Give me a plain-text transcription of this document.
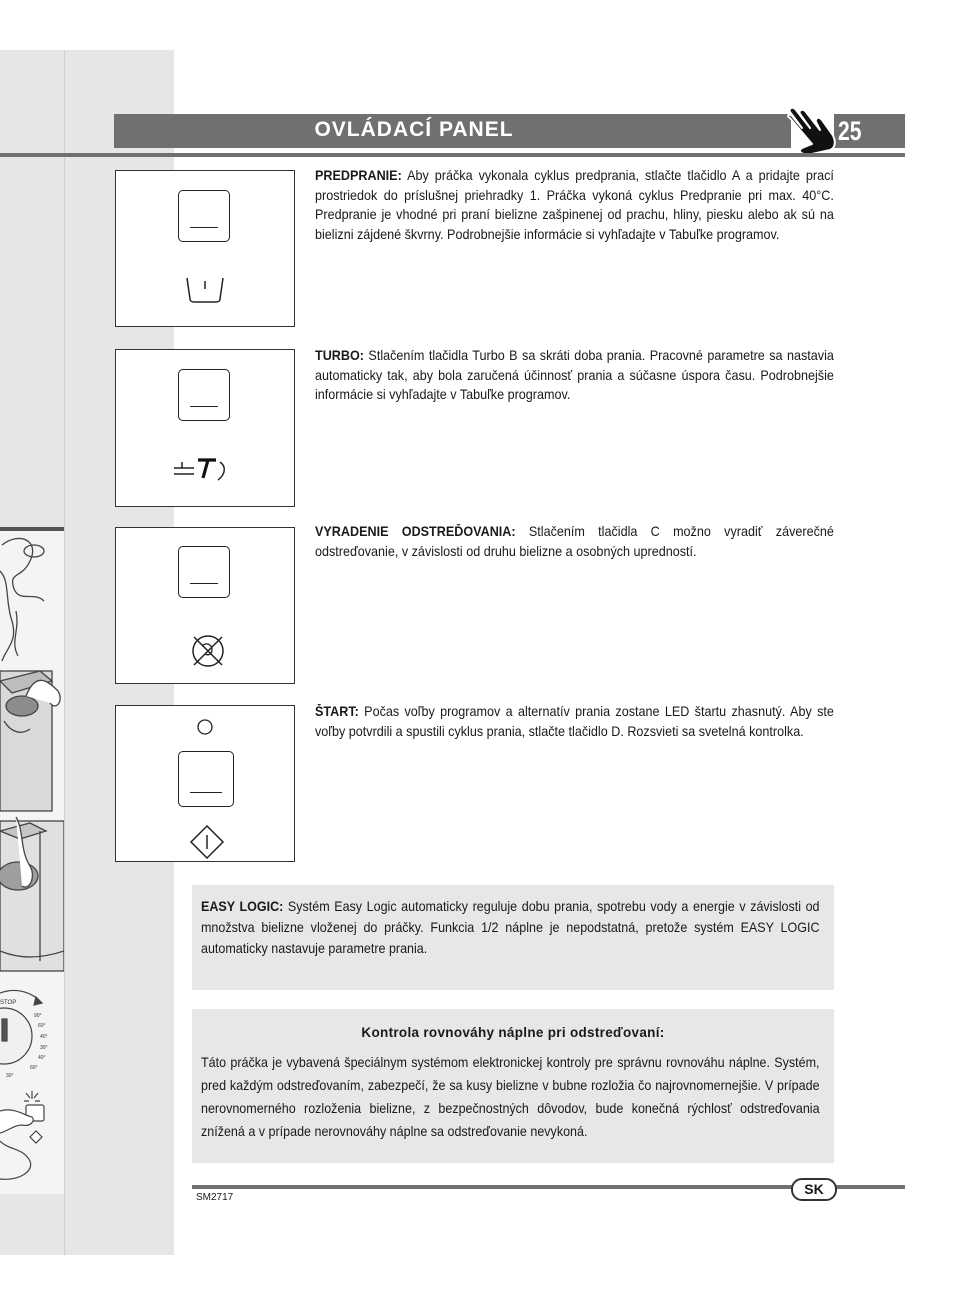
STOP
90°
60°
40°
30°
40°
60°
30°
OVLÁDACÍ PANEL	25
PREDPRANIE: Aby práčka vykonala cyklus predprania, stlačte tlačidlo A a pridajte prací prostriedok do príslušnej priehradky 1. Práčka vykoná cyklus Predpranie pri max. 40°C. Predpranie je vhodné pri praní bielizne zašpinenej od prachu, hliny, piesku alebo ak sú na bielizni zájdené škvrny. Podrobnejšie informácie si vyhľadajte v Tabuľke programov.
TURBO: Stlačením tlačidla Turbo B sa skráti doba prania. Pracovné parametre sa nastavia automaticky tak, aby bola zaručená účinnosť prania a súčasne úspora času. Podrobnejšie informácie si vyhľadajte v Tabuľke programov.
VYRADENIE ODSTREĎOVANIA: Stlačením tlačidla C možno vyradiť záverečné odstreďovanie, v závislosti od druhu bielizne a osobných upredností.
ŠTART: Počas voľby programov a alternatív prania zostane LED štartu zhasnutý. Aby ste voľby potvrdili a spustili cyklus prania, stlačte tlačidlo D. Rozsvieti sa svetelná kontrolka.
EASY LOGIC: Systém Easy Logic automaticky reguluje dobu prania, spotrebu vody a energie v závislosti od množstva bielizne vloženej do práčky. Funkcia 1/2 náplne je nepodstatná, pretože systém EASY LOGIC automaticky nastavuje parametre prania.
Kontrola rovnováhy náplne pri odstreďovaní:
Táto práčka je vybavená špeciálnym systémom elektronickej kontroly pre správnu rovnováhu náplne. Systém, pred každým odstreďovaním, zabezpečí, že sa kusy bielizne v bubne rozložia čo najrovnomernejšie. V prípade nerovnomerného rozloženia bielizne, z bezpečnostných dôvodov, bude konečná rýchlosť odstreďovania znížená a v prípade nerovnováhy náplne sa odstreďovanie nevykoná.
SK
SM2717
